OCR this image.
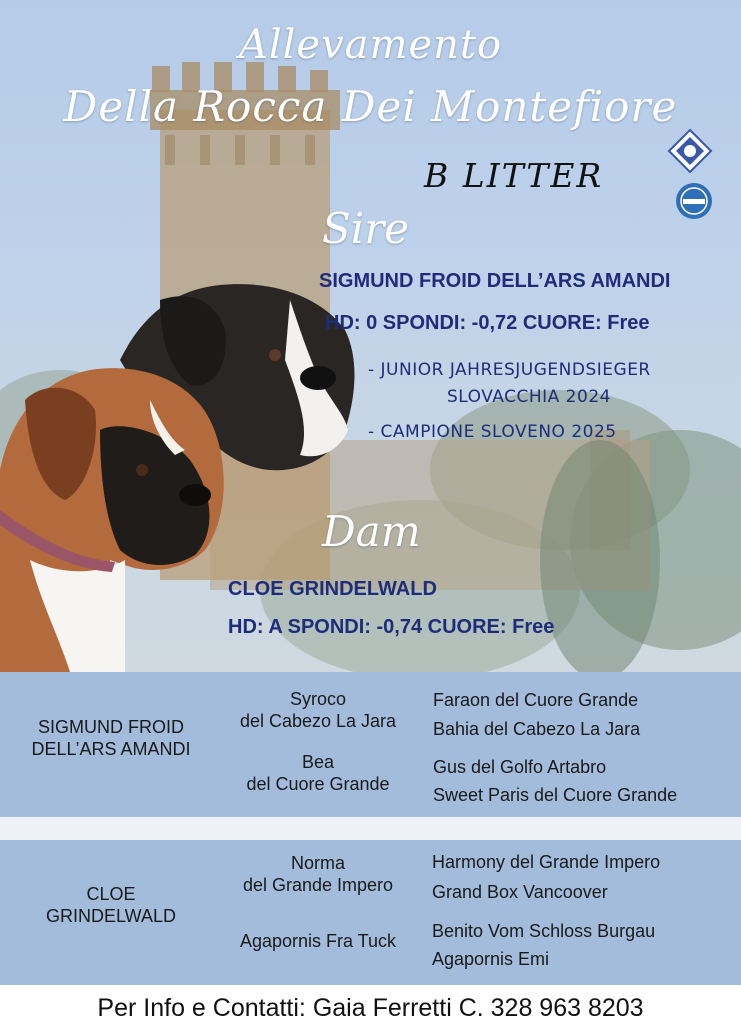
Allevamento
Della Rocca Dei Montefiore
B LITTER
Sire
SIGMUND FROID DELL’ARS AMANDI
HD: 0 SPONDI: -0,72 CUORE: Free
- JUNIOR JAHRESJUGENDSIEGER
SLOVACCHIA 2024
- CAMPIONE SLOVENO 2025
Dam
CLOE GRINDELWALD
HD: A SPONDI: -0,74 CUORE: Free
SIGMUND FROID
DELL’ARS AMANDI
Syroco
del Cabezo La Jara
Bea
del Cuore Grande
Faraon del Cuore Grande
Bahia del Cabezo La Jara
Gus del Golfo Artabro
Sweet Paris del Cuore Grande
CLOE
GRINDELWALD
Norma
del Grande Impero
Agapornis Fra Tuck
Harmony del Grande Impero
Grand Box Vancoover
Benito Vom Schloss Burgau
Agapornis Emi
Per Info e Contatti: Gaia Ferretti C. 328 963 8203
